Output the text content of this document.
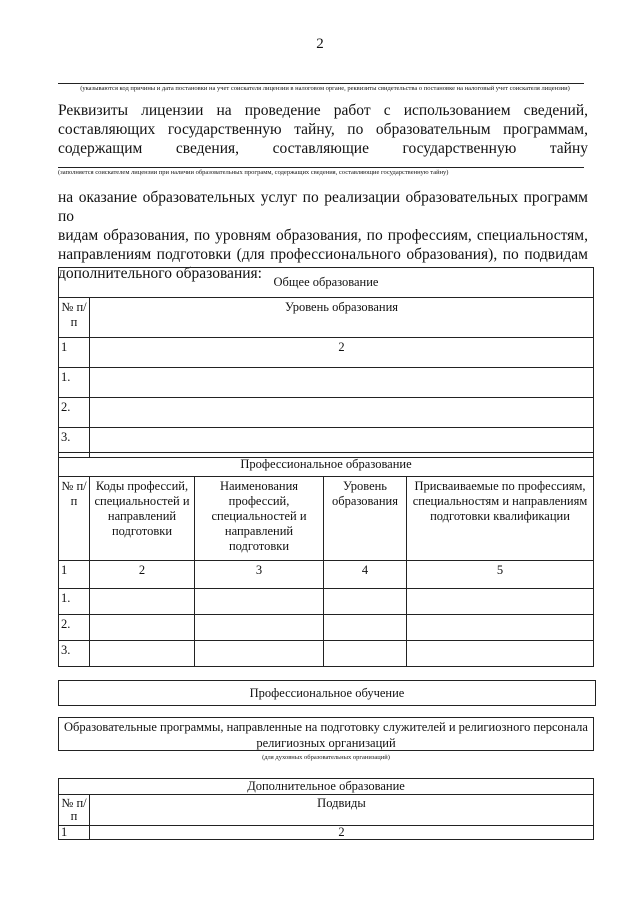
2
(указываются код причины и дата постановки на учет соискателя лицензии в налоговом органе, реквизиты свидетельства о постановке на налоговый учет соискателя лицензии)
Реквизиты лицензии на проведение работ с использованием сведений,
составляющих государственную тайну, по образовательным программам,
содержащим сведения, составляющие государственную тайну
(заполняется соискателем лицензии при наличии образовательных программ, содержащих сведения, составляющие государственную тайну)
на оказание образовательных услуг по реализации образовательных программ по
видам образования, по уровням образования, по профессиям, специальностям,
направлениям подготовки (для профессионального образования), по подвидам
дополнительного образования: Общее образование	
№ п/п	Уровень образования
1	2
1.	
2.	
3.	
Профессиональное образование				
№ п/п	Коды профессий, специальностей и направлений подготовки	Наименования профессий, специальностей и направлений подготовки	Уровень образования	Присваиваемые по профессиям, специальностям и направлениям подготовки квалификации
1	2	3	4	5
1.				
2.				
3.				
Профессиональное обучение
Образовательные программы, направленные на подготовку служителей и религиозного персонала религиозных организаций
(для духовных образовательных организаций)
Дополнительное образование	
№ п/п	Подвиды
1	2
